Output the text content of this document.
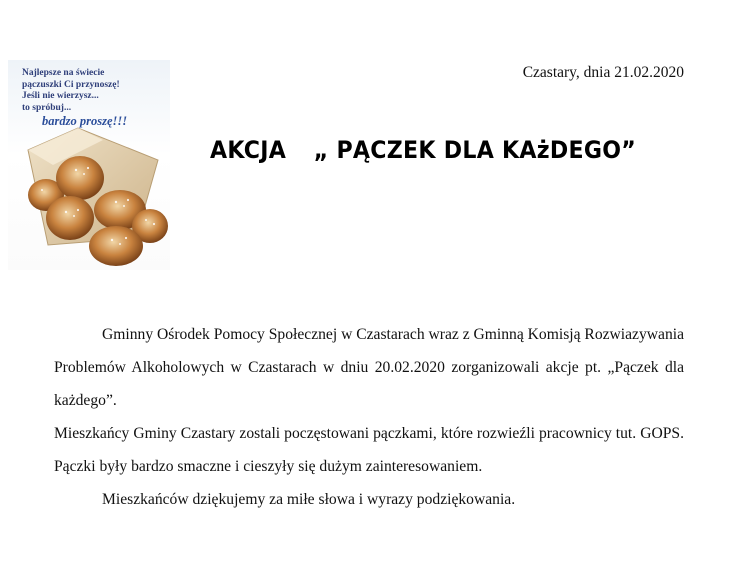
Najlepsze na świecie
pączuszki Ci przynoszę!
Jeśli nie wierzysz...
to spróbuj...
bardzo proszę!!!
Czastary, dnia 21.02.2020
AKCJA „ PĄCZEK DLA KAżDEGO”

Gminny Ośrodek Pomocy Społecznej w Czastarach wraz z Gminną Komisją Rozwiazywania Problemów Alkoholowych w Czastarach w dniu 20.02.2020 zorganizowali akcje pt. „Pączek dla każdego”.

Mieszkańcy Gminy Czastary zostali poczęstowani pączkami, które rozwieźli pracownicy tut. GOPS. Pączki były bardzo smaczne i cieszyły się dużym zainteresowaniem.

Mieszkańców dziękujemy za miłe słowa i wyrazy podziękowania.
